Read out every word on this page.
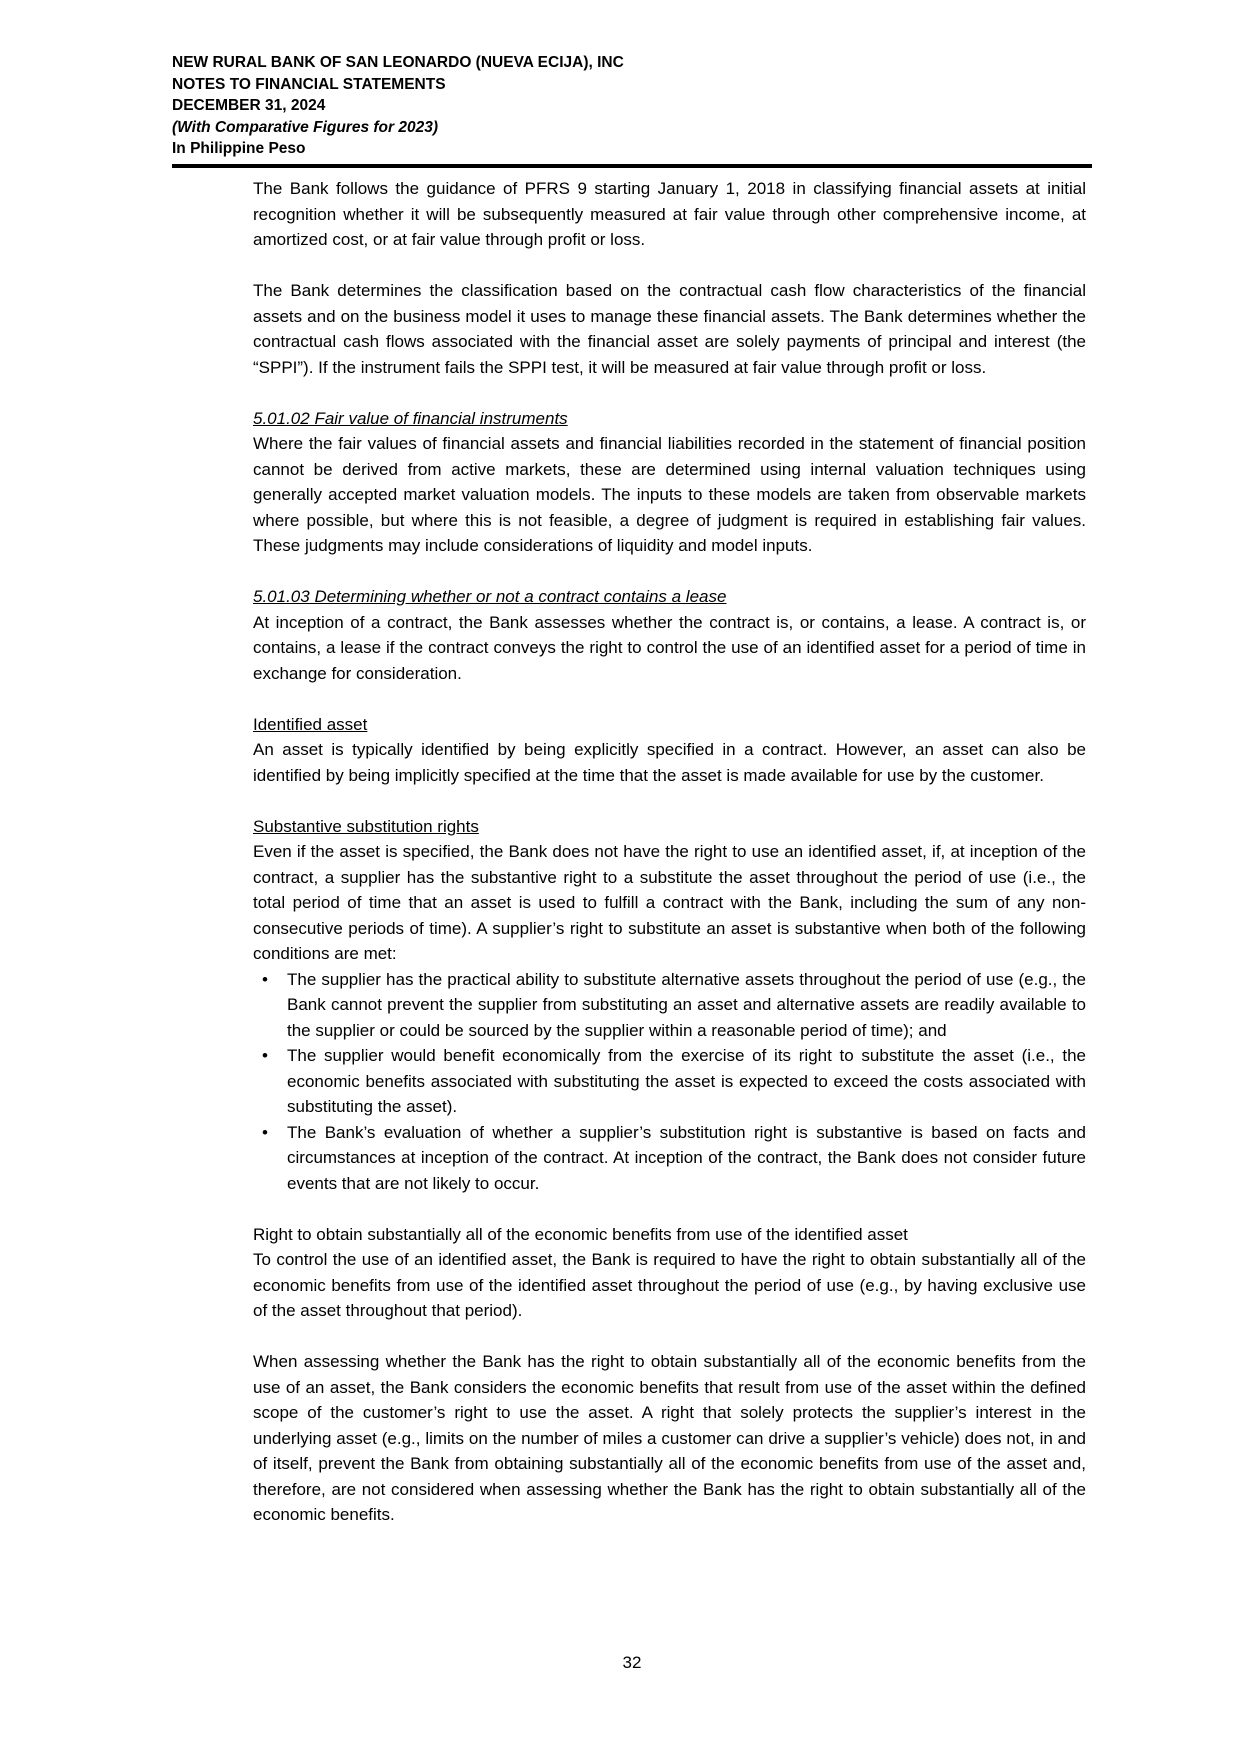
NEW RURAL BANK OF SAN LEONARDO (NUEVA ECIJA), INC
NOTES TO FINANCIAL STATEMENTS
DECEMBER 31, 2024
(With Comparative Figures for 2023)
In Philippine Peso

The Bank follows the guidance of PFRS 9 starting January 1, 2018 in classifying financial assets at initial recognition whether it will be subsequently measured at fair value through other comprehensive income, at amortized cost, or at fair value through profit or loss.

The Bank determines the classification based on the contractual cash flow characteristics of the financial assets and on the business model it uses to manage these financial assets. The Bank determines whether the contractual cash flows associated with the financial asset are solely payments of principal and interest (the “SPPI”). If the instrument fails the SPPI test, it will be measured at fair value through profit or loss.

5.01.02 Fair value of financial instruments

Where the fair values of financial assets and financial liabilities recorded in the statement of financial position cannot be derived from active markets, these are determined using internal valuation techniques using generally accepted market valuation models. The inputs to these models are taken from observable markets where possible, but where this is not feasible, a degree of judgment is required in establishing fair values. These judgments may include considerations of liquidity and model inputs.

5.01.03 Determining whether or not a contract contains a lease

At inception of a contract, the Bank assesses whether the contract is, or contains, a lease. A contract is, or contains, a lease if the contract conveys the right to control the use of an identified asset for a period of time in exchange for consideration.

Identified asset

An asset is typically identified by being explicitly specified in a contract. However, an asset can also be identified by being implicitly specified at the time that the asset is made available for use by the customer.

Substantive substitution rights

Even if the asset is specified, the Bank does not have the right to use an identified asset, if, at inception of the contract, a supplier has the substantive right to a substitute the asset throughout the period of use (i.e., the total period of time that an asset is used to fulfill a contract with the Bank, including the sum of any non-consecutive periods of time). A supplier’s right to substitute an asset is substantive when both of the following conditions are met:

• The supplier has the practical ability to substitute alternative assets throughout the period of use (e.g., the Bank cannot prevent the supplier from substituting an asset and alternative assets are readily available to the supplier or could be sourced by the supplier within a reasonable period of time); and
• The supplier would benefit economically from the exercise of its right to substitute the asset (i.e., the economic benefits associated with substituting the asset is expected to exceed the costs associated with substituting the asset).
• The Bank’s evaluation of whether a supplier’s substitution right is substantive is based on facts and circumstances at inception of the contract. At inception of the contract, the Bank does not consider future events that are not likely to occur.
Right to obtain substantially all of the economic benefits from use of the identified asset

To control the use of an identified asset, the Bank is required to have the right to obtain substantially all of the economic benefits from use of the identified asset throughout the period of use (e.g., by having exclusive use of the asset throughout that period).

When assessing whether the Bank has the right to obtain substantially all of the economic benefits from the use of an asset, the Bank considers the economic benefits that result from use of the asset within the defined scope of the customer’s right to use the asset. A right that solely protects the supplier’s interest in the underlying asset (e.g., limits on the number of miles a customer can drive a supplier’s vehicle) does not, in and of itself, prevent the Bank from obtaining substantially all of the economic benefits from use of the asset and, therefore, are not considered when assessing whether the Bank has the right to obtain substantially all of the economic benefits.

32
